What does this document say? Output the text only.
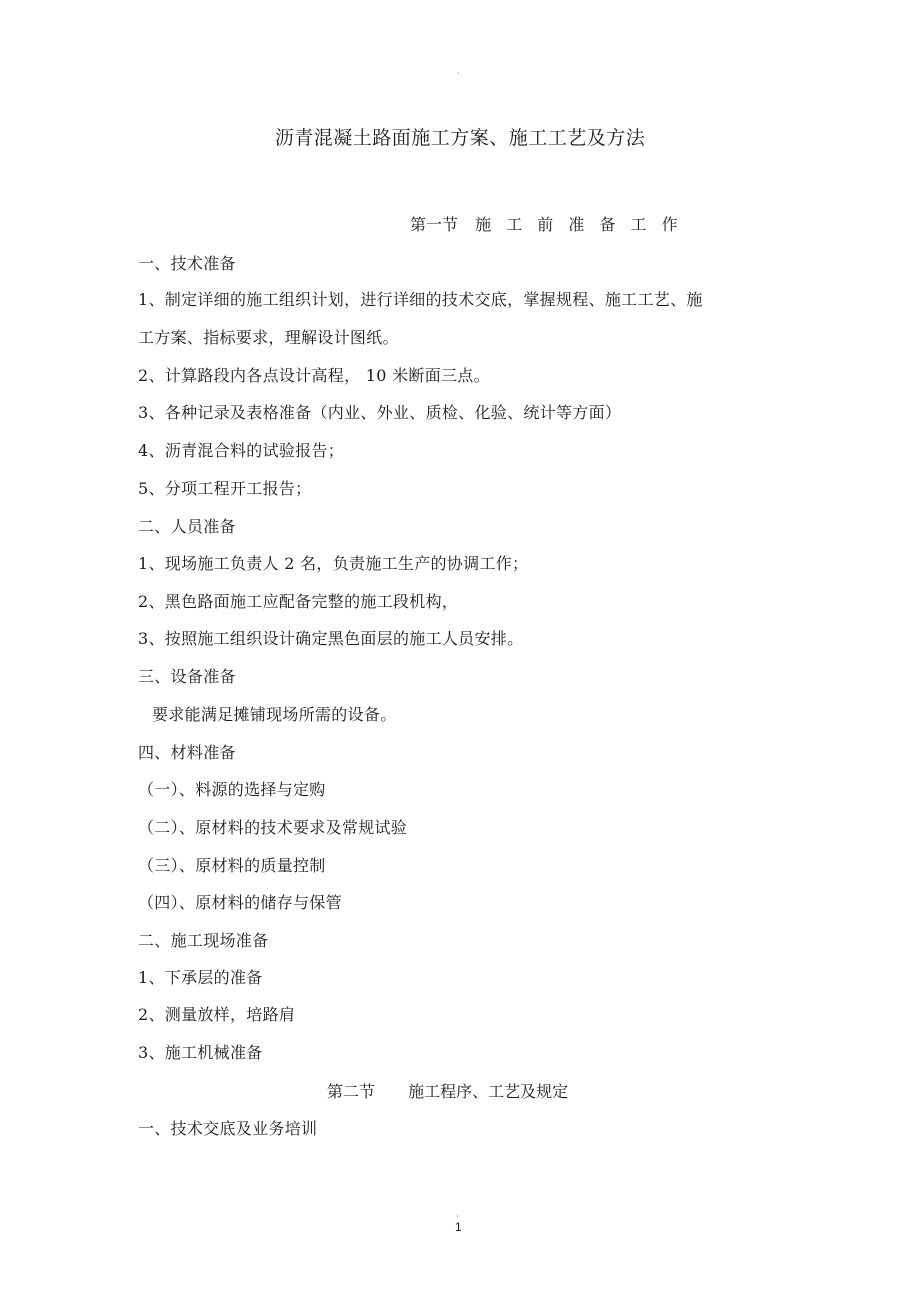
·
沥青混凝土路面施工方案、施工工艺及方法
第一节 施 工 前 准 备 工 作
一、技术准备
1、制定详细的施工组织计划，进行详细的技术交底，掌握规程、施工工艺、施
工方案、指标要求，理解设计图纸。
2、计算路段内各点设计高程， 10 米断面三点。
3、各种记录及表格准备（内业、外业、质检、化验、统计等方面）
4、沥青混合料的试验报告；
5、分项工程开工报告；
二、人员准备
1、现场施工负责人 2 名，负责施工生产的协调工作；
2、黑色路面施工应配备完整的施工段机构，
3、按照施工组织设计确定黑色面层的施工人员安排。
三、设备准备
要求能满足摊铺现场所需的设备。
四、材料准备
（一）、料源的选择与定购
（二）、原材料的技术要求及常规试验
（三）、原材料的质量控制
（四）、原材料的储存与保管
二、施工现场准备
1、下承层的准备
2、测量放样，培路肩
3、施工机械准备
第二节 施工程序、工艺及规定
一、技术交底及业务培训
·
1
